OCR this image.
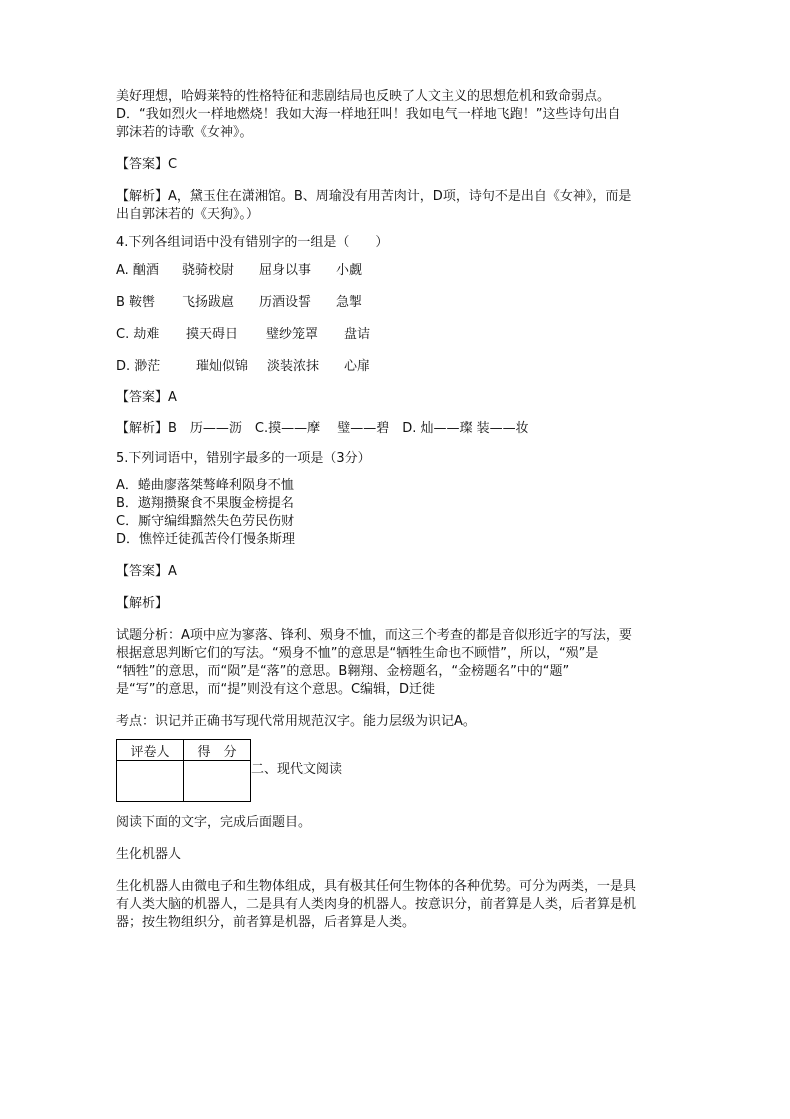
美好理想，哈姆莱特的性格特征和悲剧结局也反映了人文主义的思想危机和致命弱点。
D．“我如烈火一样地燃烧！我如大海一样地狂叫！我如电气一样地飞跑！”这些诗句出自
郭沫若的诗歌《女神》。
【答案】C
【解析】A，黛玉住在潇湘馆。B、周瑜没有用苦肉计，D项，诗句不是出自《女神》，而是
出自郭沫若的《天狗》。）
4.下列各组词语中没有错别字的一组是（　　）
A. 酗酒 骁骑校尉 屈身以事 小觑
B 鞍辔 飞扬跋扈 历酒设誓 急掣
C. 劫难 摸天碍日 璧纱笼罩 盘诘
D. 渺茫	璀灿似锦 淡装浓抹 心扉
【答案】A
【解析】B　历——沥　C.摸——摩　 璧——碧　D. 灿——璨 装——妆
5.下列词语中，错别字最多的一项是（3分）
A．蜷曲廖落桀骜峰利陨身不恤
B．遨翔攒聚食不果腹金榜提名
C．厮守编缉黯然失色劳民伤财
D．憔悴迁徒孤苦伶仃慢条斯理
【答案】A
【解析】
试题分析：A项中应为寥落、锋利、殒身不恤，而这三个考查的都是音似形近字的写法，要
根据意思判断它们的写法。“殒身不恤”的意思是“牺牲生命也不顾惜”，所以，“殒”是
“牺牲”的意思，而“陨”是“落”的意思。B翱翔、金榜题名，“金榜题名”中的“题”
是“写”的意思，而“提”则没有这个意思。C编辑，D迁徙
考点：识记并正确书写现代常用规范汉字。能力层级为识记A。
评卷人	得　分

二、现代文阅读
阅读下面的文字，完成后面题目。
生化机器人
生化机器人由微电子和生物体组成，具有极其任何生物体的各种优势。可分为两类，一是具
有人类大脑的机器人，二是具有人类肉身的机器人。按意识分，前者算是人类，后者算是机
器；按生物组织分，前者算是机器，后者算是人类。
